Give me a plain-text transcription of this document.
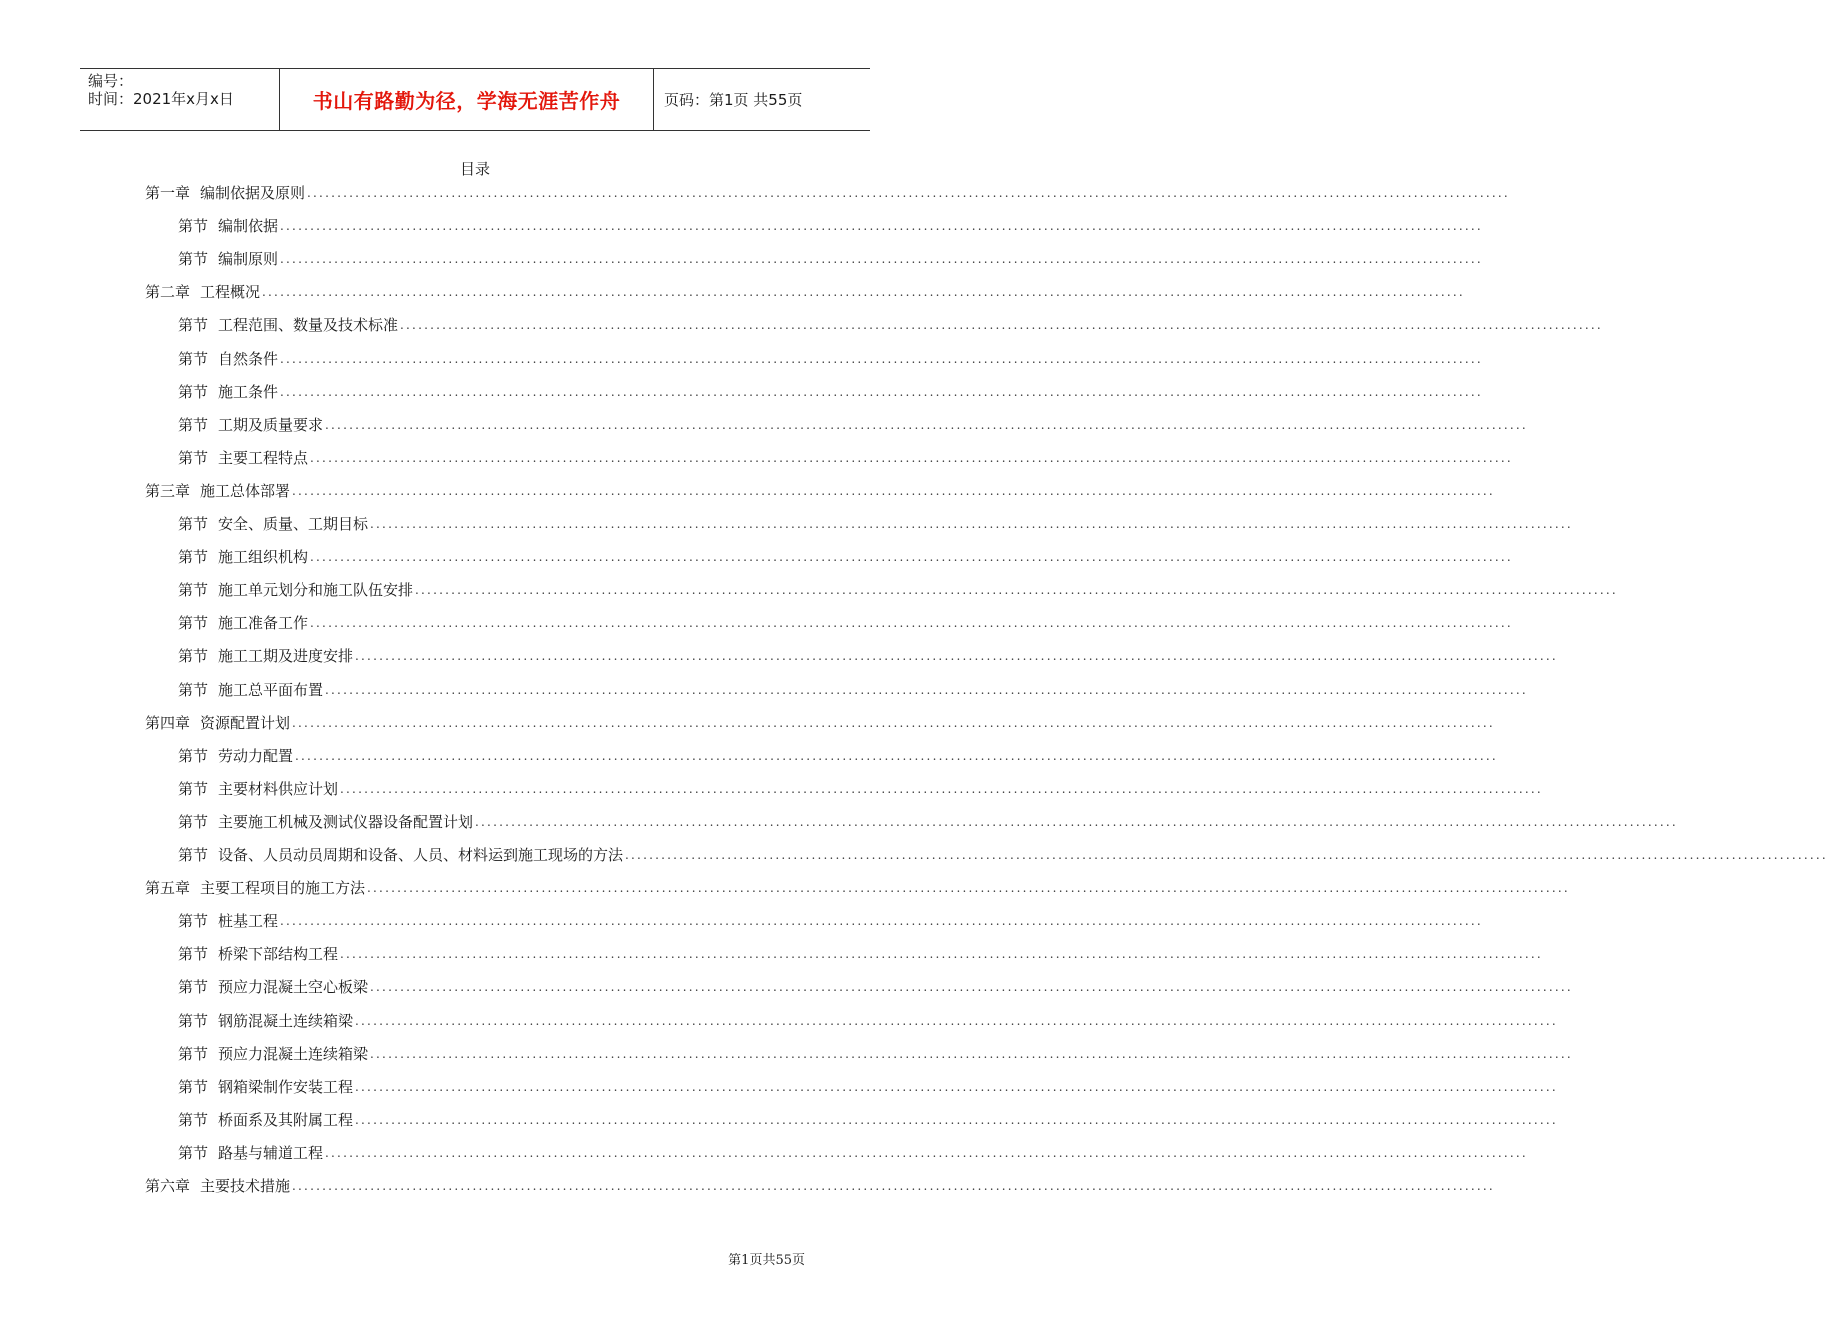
编号：
时间：2021年x月x日	书山有路勤为径，学海无涯苦作舟	页码：第1页 共55页
目录
第一章 编制依据及原则 ........................................................................................................................................................................................................
第节 编制依据 ........................................................................................................................................................................................................
第节 编制原则 ........................................................................................................................................................................................................
第二章 工程概况 ........................................................................................................................................................................................................
第节 工程范围、数量及技术标准 ........................................................................................................................................................................................................
第节 自然条件 ........................................................................................................................................................................................................
第节 施工条件 ........................................................................................................................................................................................................
第节 工期及质量要求 ........................................................................................................................................................................................................
第节 主要工程特点 ........................................................................................................................................................................................................
第三章 施工总体部署 ........................................................................................................................................................................................................
第节 安全、质量、工期目标 ........................................................................................................................................................................................................
第节 施工组织机构 ........................................................................................................................................................................................................
第节 施工单元划分和施工队伍安排 ........................................................................................................................................................................................................
第节 施工准备工作 ........................................................................................................................................................................................................
第节 施工工期及进度安排 ........................................................................................................................................................................................................
第节 施工总平面布置 ........................................................................................................................................................................................................
第四章 资源配置计划 ........................................................................................................................................................................................................
第节 劳动力配置 ........................................................................................................................................................................................................
第节 主要材料供应计划 ........................................................................................................................................................................................................
第节 主要施工机械及测试仪器设备配置计划 ........................................................................................................................................................................................................
第节 设备、人员动员周期和设备、人员、材料运到施工现场的方法 ........................................................................................................................................................................................................
第五章 主要工程项目的施工方法 ........................................................................................................................................................................................................
第节 桩基工程 ........................................................................................................................................................................................................
第节 桥梁下部结构工程 ........................................................................................................................................................................................................
第节 预应力混凝土空心板梁 ........................................................................................................................................................................................................
第节 钢筋混凝土连续箱梁 ........................................................................................................................................................................................................
第节 预应力混凝土连续箱梁 ........................................................................................................................................................................................................
第节 钢箱梁制作安装工程 ........................................................................................................................................................................................................
第节 桥面系及其附属工程 ........................................................................................................................................................................................................
第节 路基与辅道工程 ........................................................................................................................................................................................................
第六章 主要技术措施 ........................................................................................................................................................................................................
第1页共55页
